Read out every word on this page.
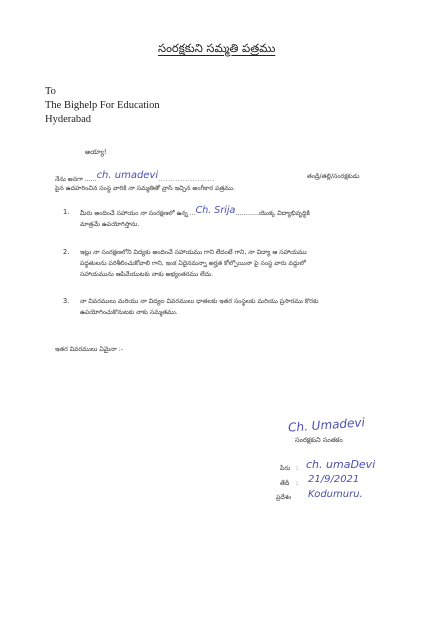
సంరక్షకుని సమ్మతి పత్రము
To
The Bighelp For Education
Hyderabad
అయ్యా!
నేను అనగా ......ch. umadevi.......................	తండ్రి/తల్లి/సంరక్షకుడు
పైన ఉదహరించిన సంస్థ వారికి నా సమ్మతితో వ్రాసి ఇచ్చిన అంగీకార పత్రము.
1. మీరు అందించే సహాయం నా సంరక్షణలో ఉన్న ...Ch. Srija............యొక్క విద్యాభివృద్ధికి
మాత్రమే ఉపయోగిస్తాను.
2. ఇట్లు నా సంరక్షణలోని విద్యకు అందించే సహాయము గాని లేదంటే గాని, నా విద్యా ఆ సహాయము
పద్ధతులను పరిశీలించుకోవాలి గాని, ఇంక ఏదైనమన్నా అర్హత కోల్పోయినా పై సంస్థ వారు వద్దులో
సహాయమును ఆపివేయుటకు నాకు అభ్యంతరము లేదు.
3. నా వివరములు మరియు నా విద్యల వివరములు ధాతలకు ఇతర సంస్థలకు మరియు ప్రసారము కొరకు
ఉపయోగించుకొనుటకు నాకు సమ్మతము.
ఇతర వివరములు ఏమైనా :-
Ch. Umadevi
సంరక్షకుని సంతకం
పేరు : ch. umaDevi
తేదీ : 21/9/2021
ప్రదేశం Kodumuru.
